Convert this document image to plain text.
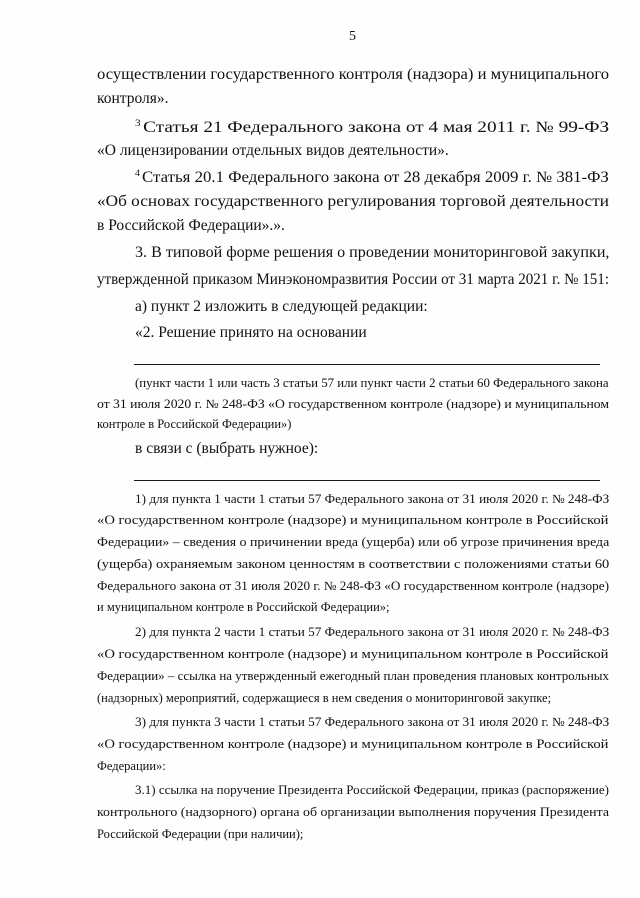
5
осуществлении государственного контроля (надзора) и муниципального
контроля».
$^3$ Статья 21 Федерального закона от 4 мая 2011 г. № 99-ФЗ
«О лицензировании отдельных видов деятельности».
$^4$ Статья 20.1 Федерального закона от 28 декабря 2009 г. № 381-ФЗ
«Об основах государственного регулирования торговой деятельности
в Российской Федерации».».
3. В типовой форме решения о проведении мониторинговой закупки,
утвержденной приказом Минэкономразвития России от 31 марта 2021 г. № 151:
а) пункт 2 изложить в следующей редакции:
«2. Решение принято на основании
(пункт части 1 или часть 3 статьи 57 или пункт части 2 статьи 60 Федерального закона
от 31 июля 2020 г. № 248-ФЗ «О государственном контроле (надзоре) и муниципальном
контроле в Российской Федерации»)
в связи с (выбрать нужное):
1) для пункта 1 части 1 статьи 57 Федерального закона от 31 июля 2020 г. № 248-ФЗ
«О государственном контроле (надзоре) и муниципальном контроле в Российской
Федерации» – сведения о причинении вреда (ущерба) или об угрозе причинения вреда
(ущерба) охраняемым законом ценностям в соответствии с положениями статьи 60
Федерального закона от 31 июля 2020 г. № 248-ФЗ «О государственном контроле (надзоре)
и муниципальном контроле в Российской Федерации»;
2) для пункта 2 части 1 статьи 57 Федерального закона от 31 июля 2020 г. № 248-ФЗ
«О государственном контроле (надзоре) и муниципальном контроле в Российской
Федерации» – ссылка на утвержденный ежегодный план проведения плановых контрольных
(надзорных) мероприятий, содержащиеся в нем сведения о мониторинговой закупке;
3) для пункта 3 части 1 статьи 57 Федерального закона от 31 июля 2020 г. № 248-ФЗ
«О государственном контроле (надзоре) и муниципальном контроле в Российской
Федерации»:
3.1) ссылка на поручение Президента Российской Федерации, приказ (распоряжение)
контрольного (надзорного) органа об организации выполнения поручения Президента
Российской Федерации (при наличии);
